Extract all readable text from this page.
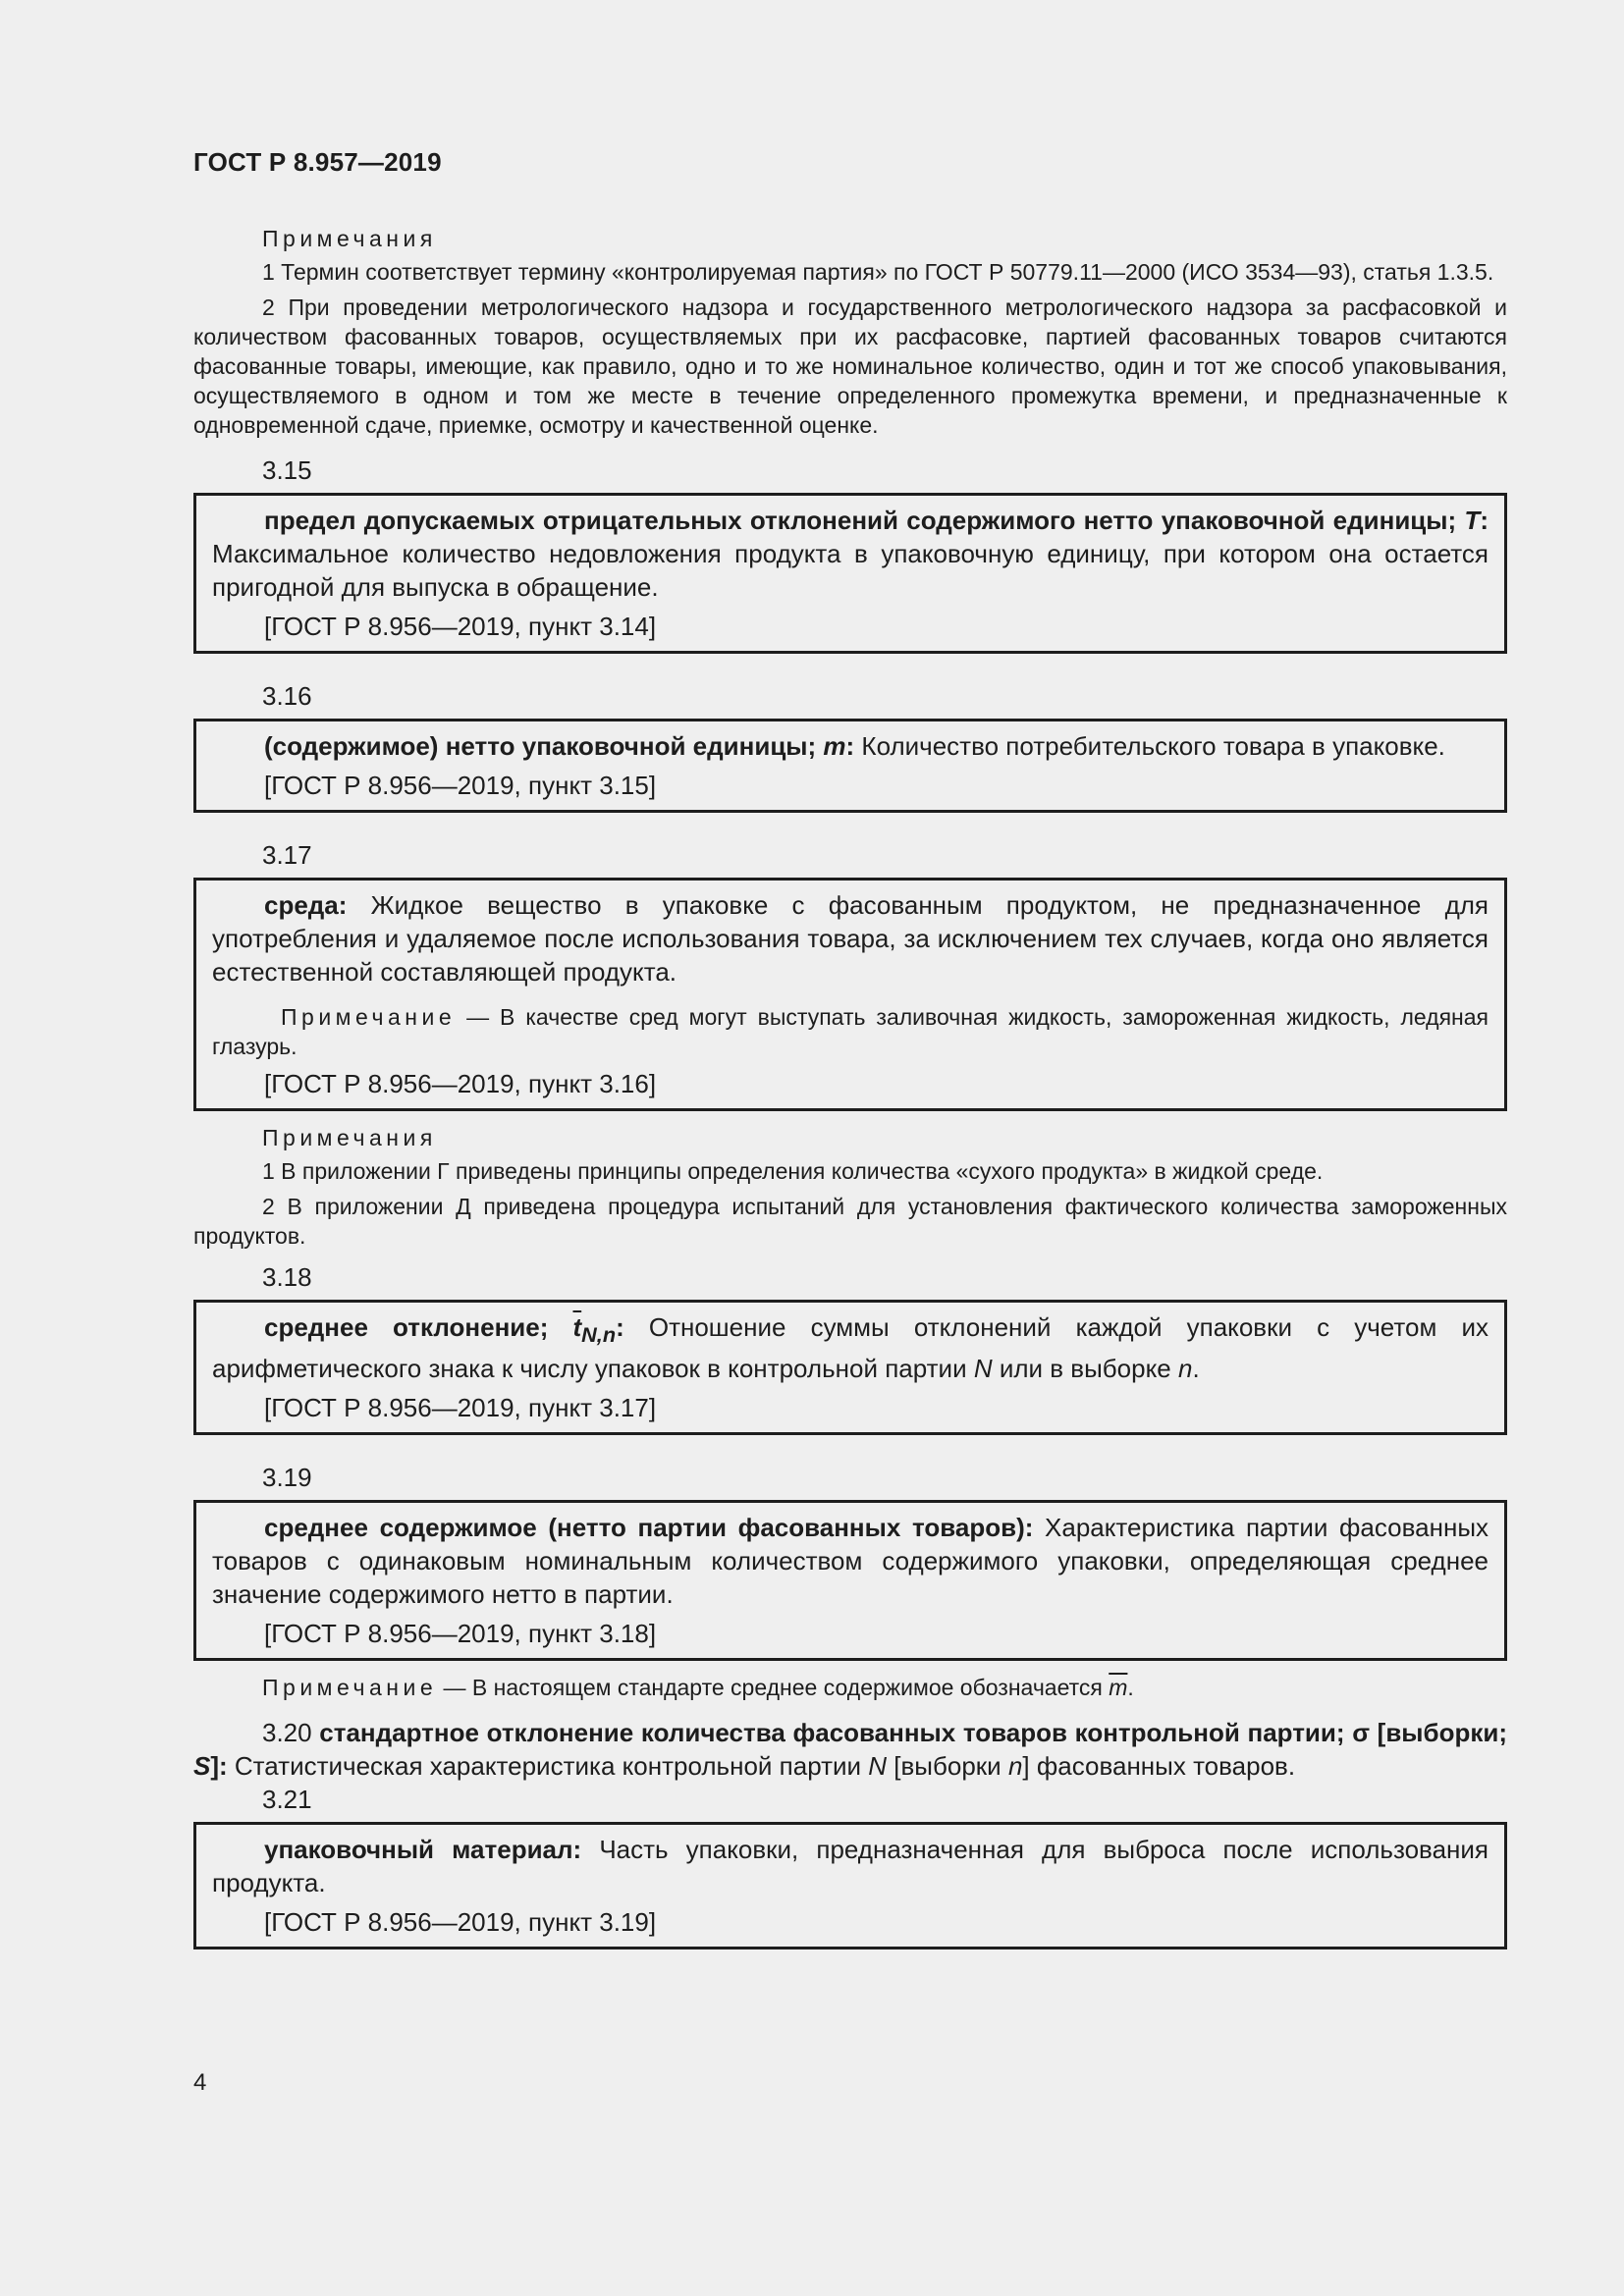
ГОСТ Р 8.957—2019
Примечания

1 Термин соответствует термину «контролируемая партия» по ГОСТ Р 50779.11—2000 (ИСО 3534—93), статья 1.3.5.

2 При проведении метрологического надзора и государственного метрологического надзора за расфасовкой и количеством фасованных товаров, осуществляемых при их расфасовке, партией фасованных товаров считаются фасованные товары, имеющие, как правило, одно и то же номинальное количество, один и тот же способ упаковывания, осуществляемого в одном и том же месте в течение определенного промежутка времени, и предназначенные к одновременной сдаче, приемке, осмотру и качественной оценке.

3.15

предел допускаемых отрицательных отклонений содержимого нетто упаковочной единицы; T: Максимальное количество недовложения продукта в упаковочную единицу, при котором она остается пригодной для выпуска в обращение.

[ГОСТ Р 8.956—2019, пункт 3.14]

3.16

(содержимое) нетто упаковочной единицы; m: Количество потребительского товара в упаковке.

[ГОСТ Р 8.956—2019, пункт 3.15]

3.17

среда: Жидкое вещество в упаковке с фасованным продуктом, не предназначенное для употребления и удаляемое после использования товара, за исключением тех случаев, когда оно является естественной составляющей продукта.

Примечание — В качестве сред могут выступать заливочная жидкость, замороженная жидкость, ледяная глазурь.

[ГОСТ Р 8.956—2019, пункт 3.16]

Примечания

1 В приложении Г приведены принципы определения количества «сухого продукта» в жидкой среде.

2 В приложении Д приведена процедура испытаний для установления фактического количества замороженных продуктов.

3.18

среднее отклонение; $\overline{t}_{N,n}$: Отношение суммы отклонений каждой упаковки с учетом их арифметического знака к числу упаковок в контрольной партии N или в выборке n.

[ГОСТ Р 8.956—2019, пункт 3.17]

3.19

среднее содержимое (нетто партии фасованных товаров): Характеристика партии фасованных товаров с одинаковым номинальным количеством содержимого упаковки, определяющая среднее значение содержимого нетто в партии.

[ГОСТ Р 8.956—2019, пункт 3.18]

Примечание — В настоящем стандарте среднее содержимое обозначается $\overline{m}$.

3.20 стандартное отклонение количества фасованных товаров контрольной партии; σ [выборки; S]: Статистическая характеристика контрольной партии N [выборки n] фасованных товаров.

3.21

упаковочный материал: Часть упаковки, предназначенная для выброса после использования продукта.

[ГОСТ Р 8.956—2019, пункт 3.19]

4
